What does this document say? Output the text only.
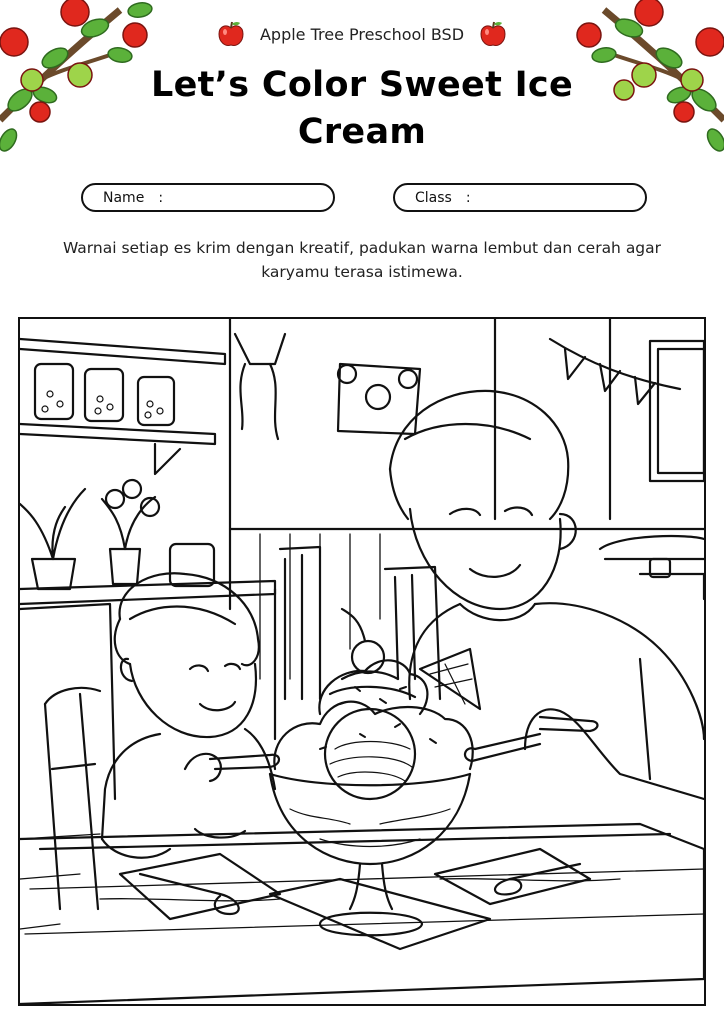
Apple Tree Preschool BSD
Let’s Color Sweet Ice Cream
Name :	Class :
Warnai setiap es krim dengan kreatif, padukan warna lembut dan cerah agar karyamu terasa istimewa.
